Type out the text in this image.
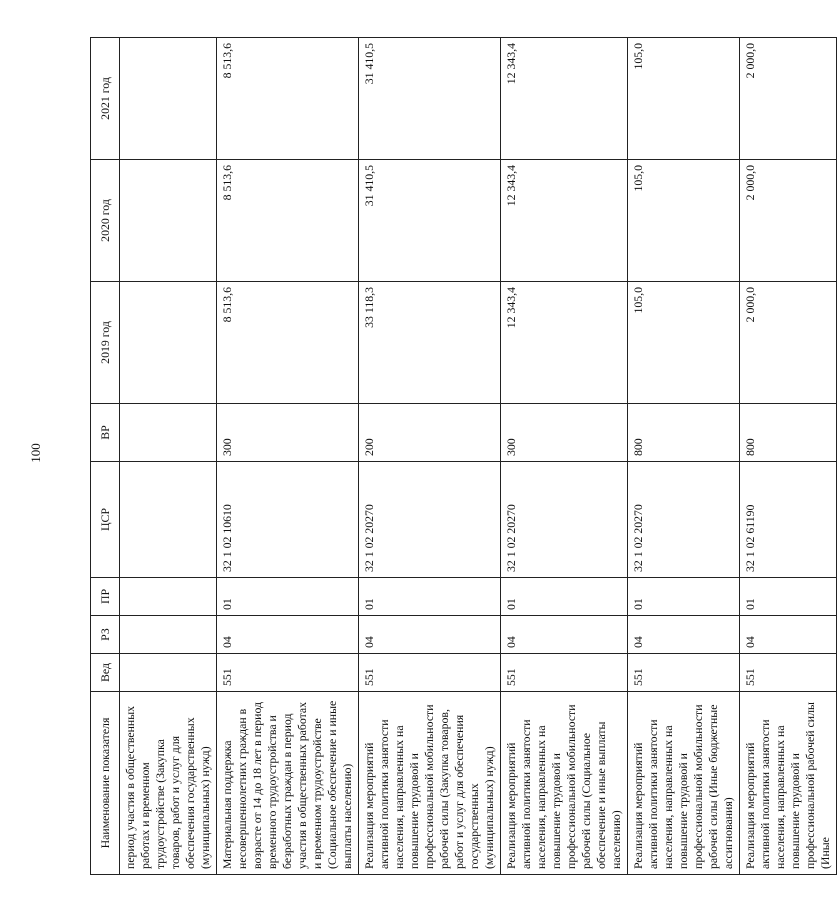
100
Наименование показателя	Вед	РЗ	ПР	ЦСР	ВР	2019 год	2020 год	2021 год
период участия в общественных работах и временном трудоустройстве (Закупка товаров, работ и услуг для обеспечения государственных (муниципальных) нужд)								
Материальная поддержка несовершеннолетних граждан в возрасте от 14 до 18 лет в период временного трудоустройства и безработных граждан в период участия в общественных работах и временном трудоустройстве (Социальное обеспечение и иные выплаты населению)	551	04	01	32 1 02 10610	300	8 513,6	8 513,6	8 513,6
Реализация мероприятий активной политики занятости населения, направленных на повышение трудовой и профессиональной мобильности рабочей силы (Закупка товаров, работ и услуг для обеспечения государственных (муниципальных) нужд)	551	04	01	32 1 02 20270	200	33 118,3	31 410,5	31 410,5
Реализация мероприятий активной политики занятости населения, направленных на повышение трудовой и профессиональной мобильности рабочей силы (Социальное обеспечение и иные выплаты населению)	551	04	01	32 1 02 20270	300	12 343,4	12 343,4	12 343,4
Реализация мероприятий активной политики занятости населения, направленных на повышение трудовой и профессиональной мобильности рабочей силы (Иные бюджетные ассигнования)	551	04	01	32 1 02 20270	800	105,0	105,0	105,0
Реализация мероприятий активной политики занятости населения, направленных на повышение трудовой и профессиональной рабочей силы (Иные	551	04	01	32 1 02 61190	800	2 000,0	2 000,0	2 000,0
